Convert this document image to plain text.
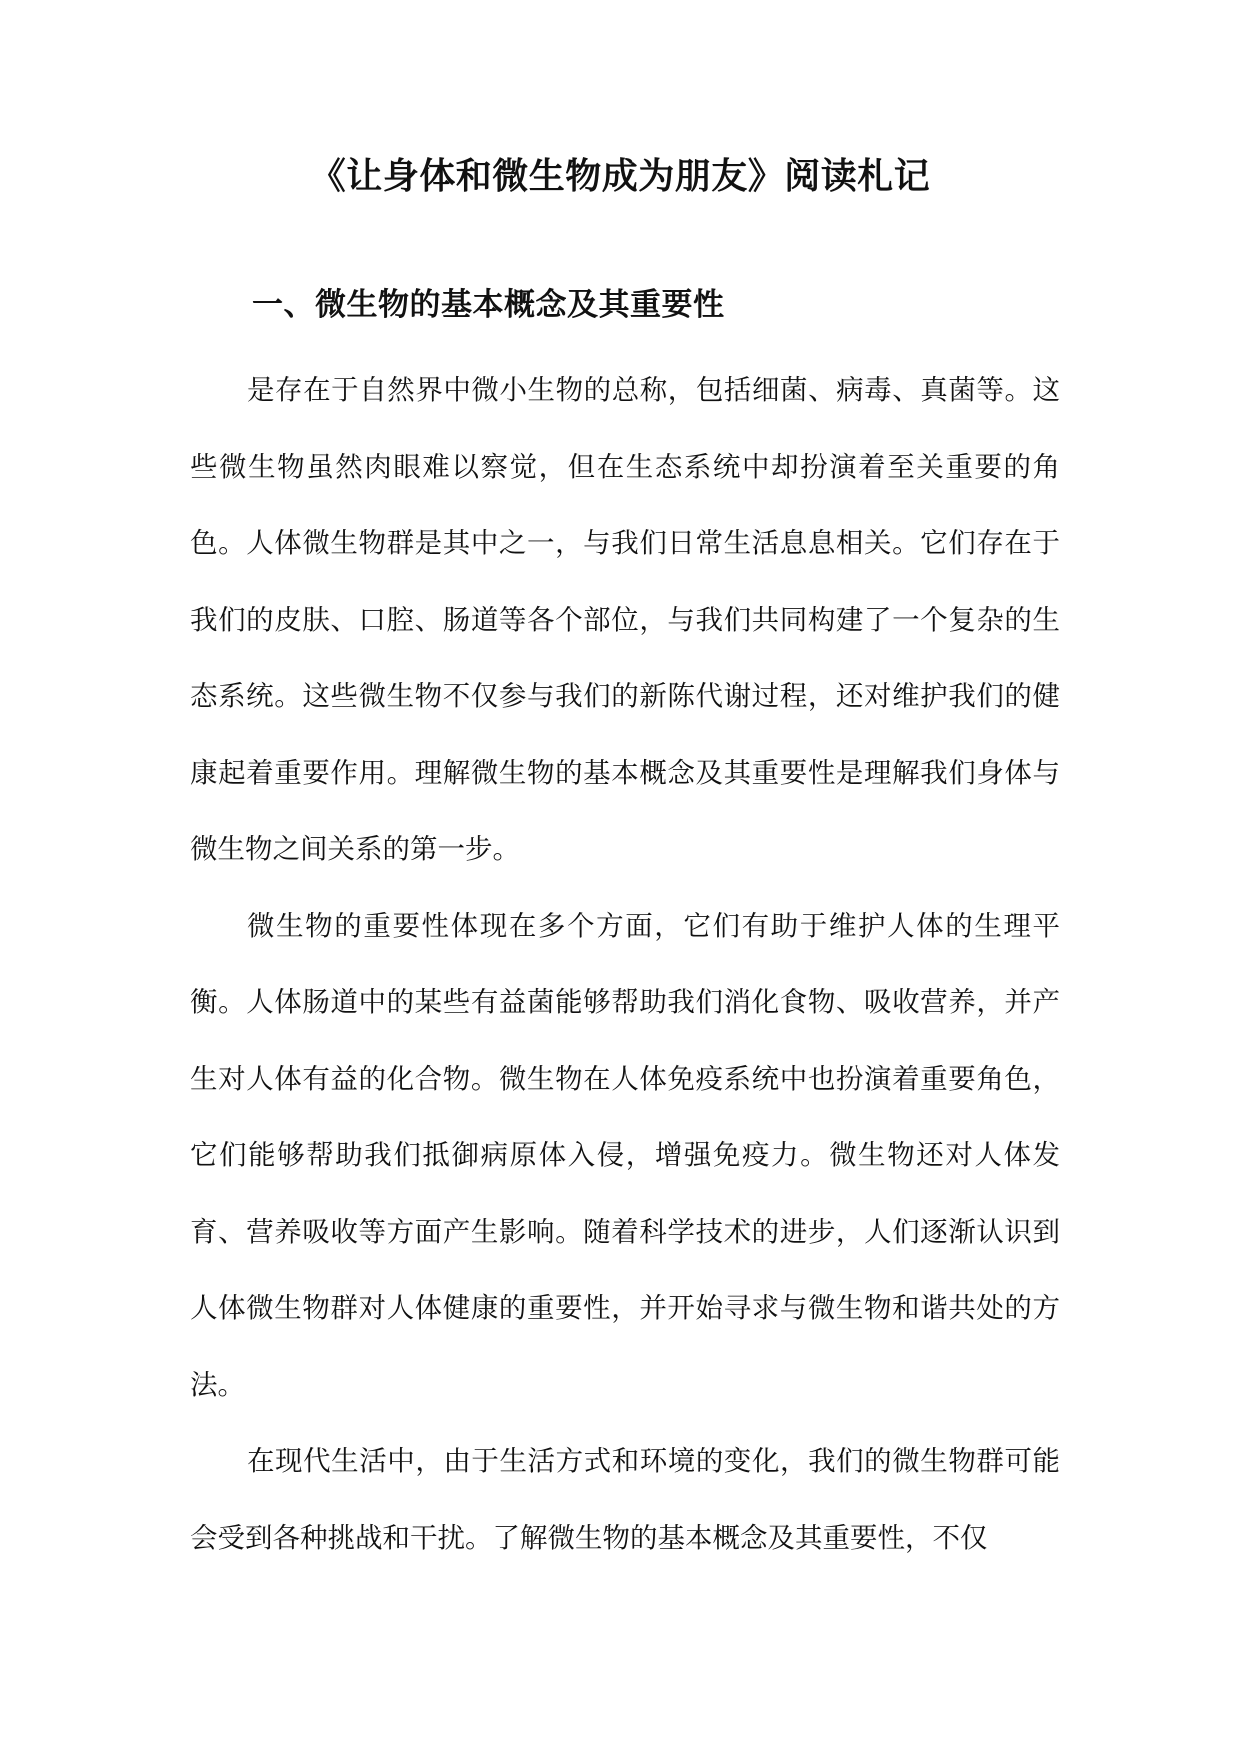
《让身体和微生物成为朋友》阅读札记
一、微生物的基本概念及其重要性

是存在于自然界中微小生物的总称，包括细菌、病毒、真菌等。这些微生物虽然肉眼难以察觉，但在生态系统中却扮演着至关重要的角色。人体微生物群是其中之一，与我们日常生活息息相关。它们存在于我们的皮肤、口腔、肠道等各个部位，与我们共同构建了一个复杂的生态系统。这些微生物不仅参与我们的新陈代谢过程，还对维护我们的健康起着重要作用。理解微生物的基本概念及其重要性是理解我们身体与微生物之间关系的第一步。

微生物的重要性体现在多个方面，它们有助于维护人体的生理平衡。人体肠道中的某些有益菌能够帮助我们消化食物、吸收营养，并产生对人体有益的化合物。微生物在人体免疫系统中也扮演着重要角色，它们能够帮助我们抵御病原体入侵，增强免疫力。微生物还对人体发育、营养吸收等方面产生影响。随着科学技术的进步，人们逐渐认识到人体微生物群对人体健康的重要性，并开始寻求与微生物和谐共处的方法。

在现代生活中，由于生活方式和环境的变化，我们的微生物群可能会受到各种挑战和干扰。了解微生物的基本概念及其重要性，不仅
